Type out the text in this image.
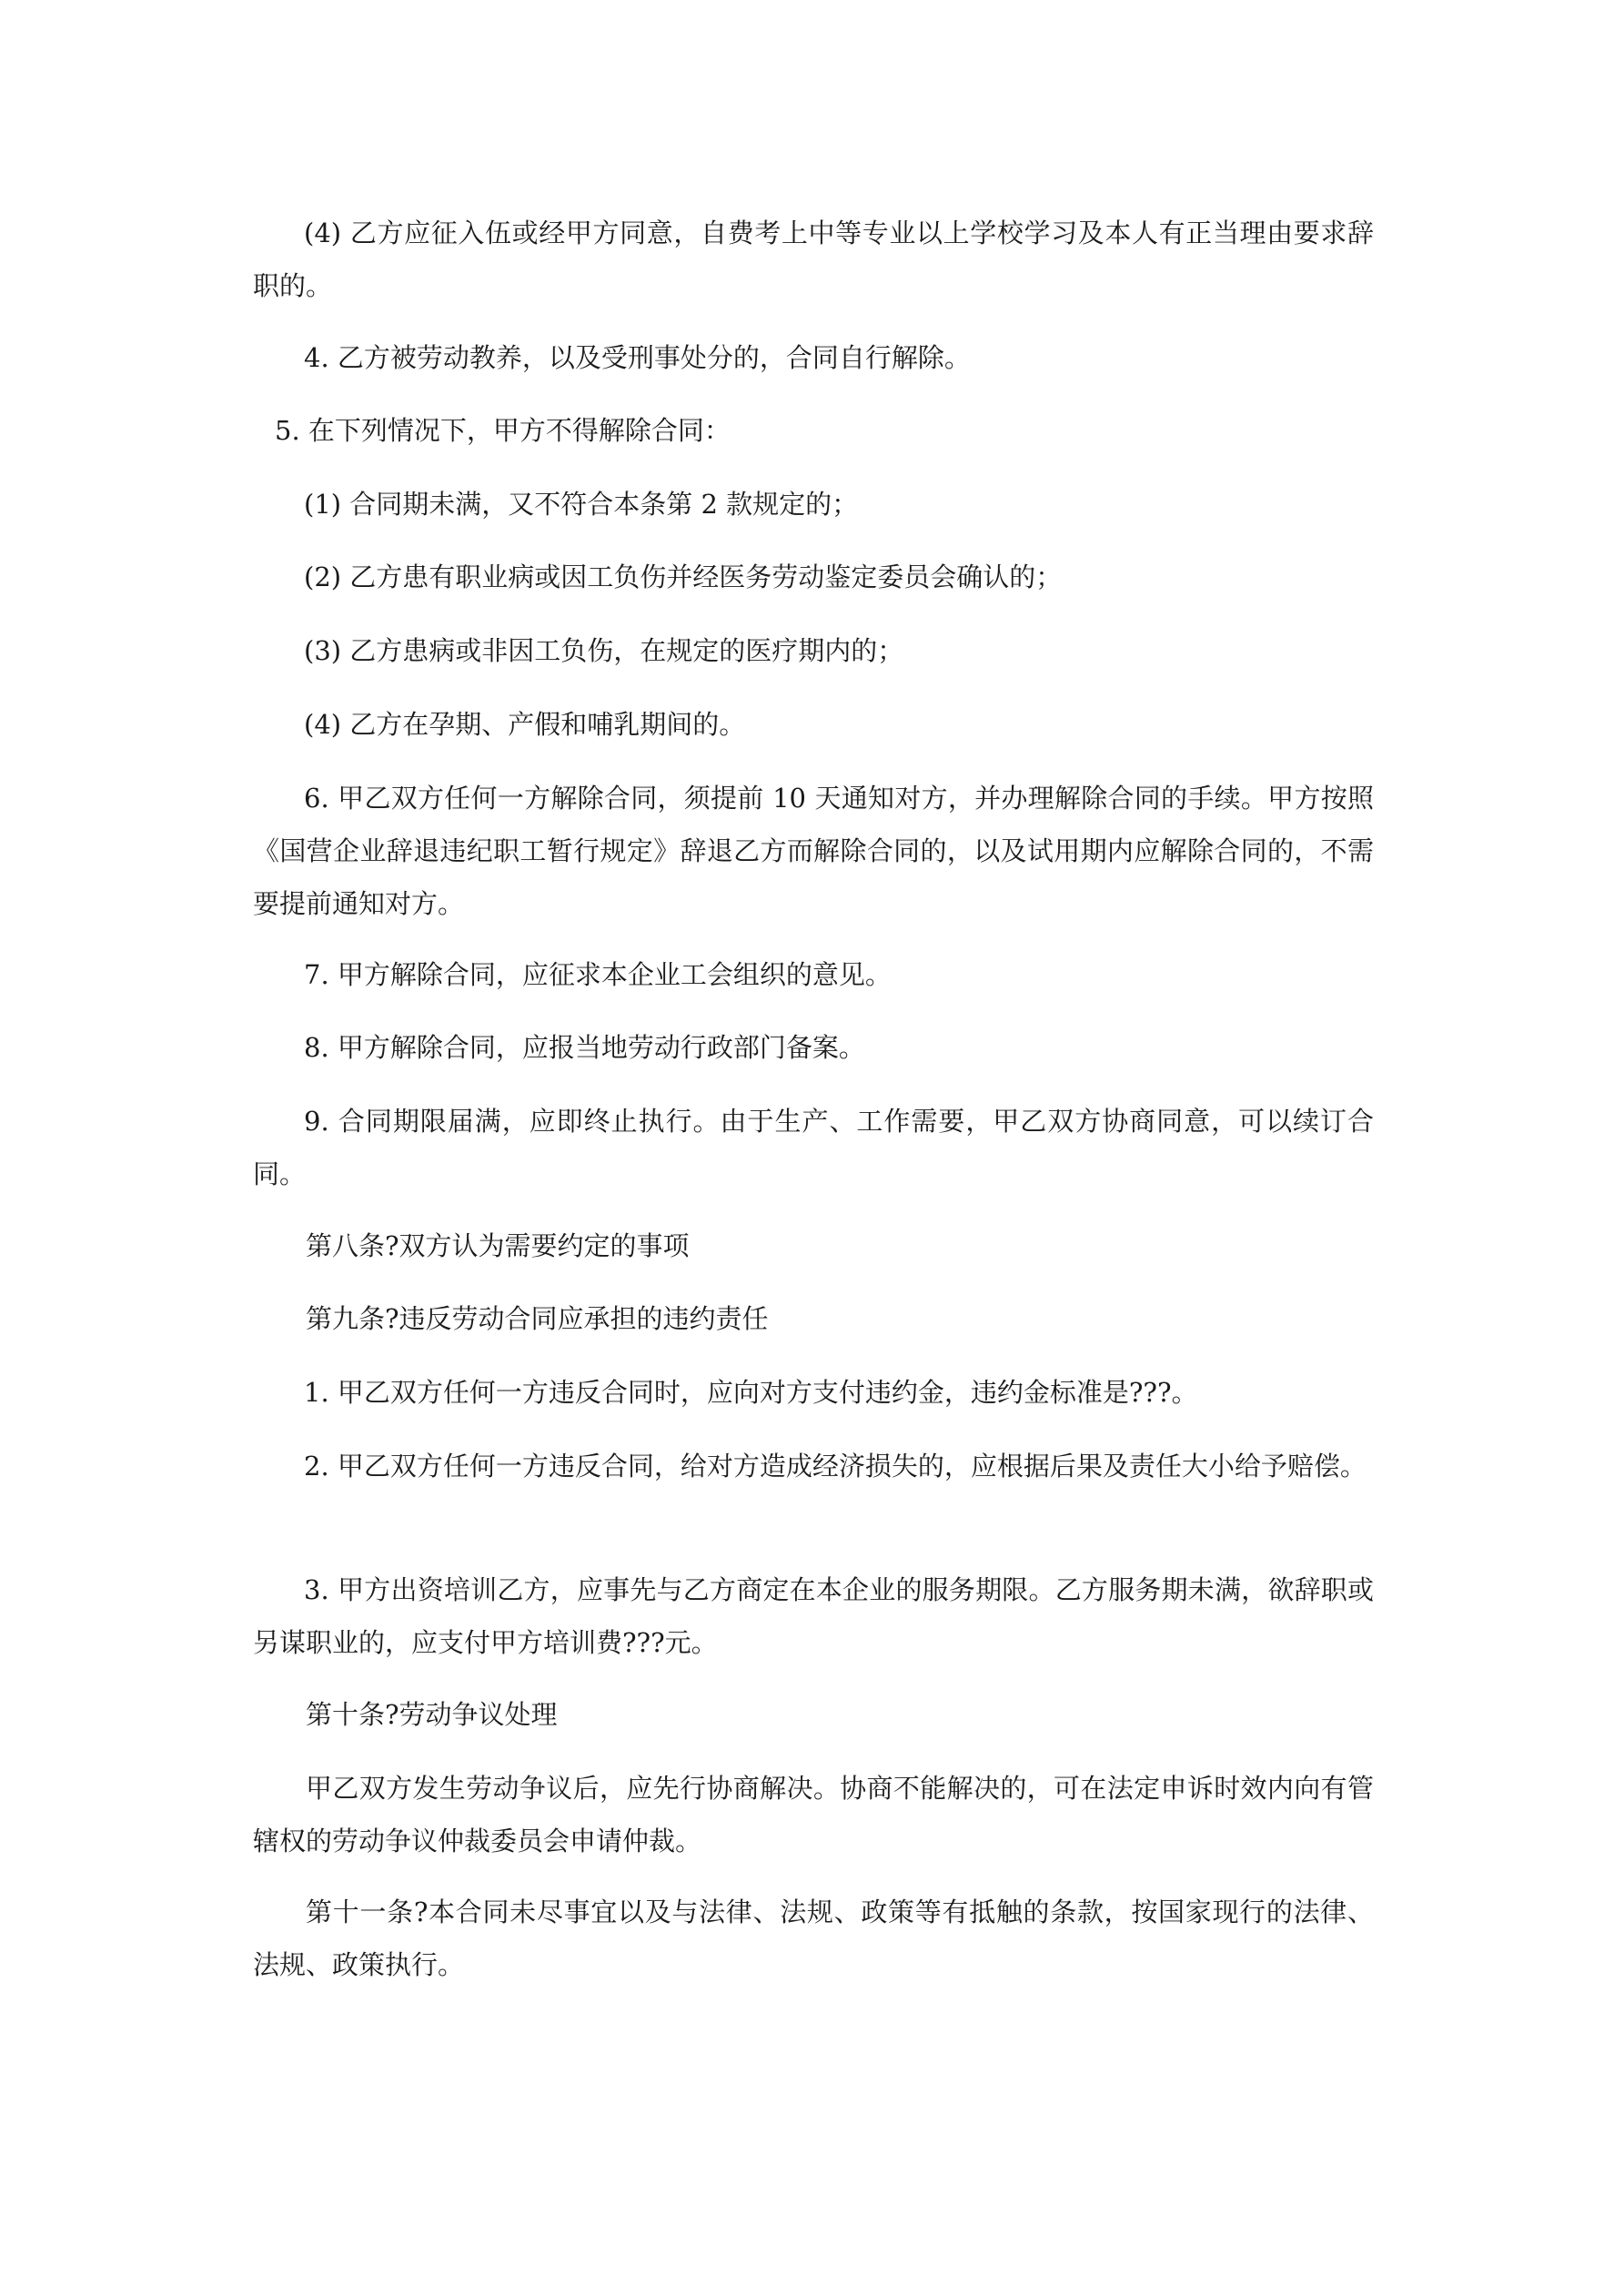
(4) 乙方应征入伍或经甲方同意，自费考上中等专业以上学校学习及本人有正当理由要求辞职的。

4. 乙方被劳动教养，以及受刑事处分的，合同自行解除。

5. 在下列情况下，甲方不得解除合同：

(1) 合同期未满，又不符合本条第 2 款规定的；

(2) 乙方患有职业病或因工负伤并经医务劳动鉴定委员会确认的；

(3) 乙方患病或非因工负伤，在规定的医疗期内的；

(4) 乙方在孕期、产假和哺乳期间的。

6. 甲乙双方任何一方解除合同，须提前 10 天通知对方，并办理解除合同的手续。甲方按照《国营企业辞退违纪职工暂行规定》辞退乙方而解除合同的，以及试用期内应解除合同的，不需要提前通知对方。

7. 甲方解除合同，应征求本企业工会组织的意见。

8. 甲方解除合同，应报当地劳动行政部门备案。

9. 合同期限届满，应即终止执行。由于生产、工作需要，甲乙双方协商同意，可以续订合同。

第八条?双方认为需要约定的事项

第九条?违反劳动合同应承担的违约责任

1. 甲乙双方任何一方违反合同时，应向对方支付违约金，违约金标准是???。

2. 甲乙双方任何一方违反合同，给对方造成经济损失的，应根据后果及责任大小给予赔偿。

3. 甲方出资培训乙方，应事先与乙方商定在本企业的服务期限。乙方服务期未满，欲辞职或另谋职业的，应支付甲方培训费???元。

第十条?劳动争议处理

甲乙双方发生劳动争议后，应先行协商解决。协商不能解决的，可在法定申诉时效内向有管辖权的劳动争议仲裁委员会申请仲裁。

第十一条?本合同未尽事宜以及与法律、法规、政策等有抵触的条款，按国家现行的法律、法规、政策执行。
